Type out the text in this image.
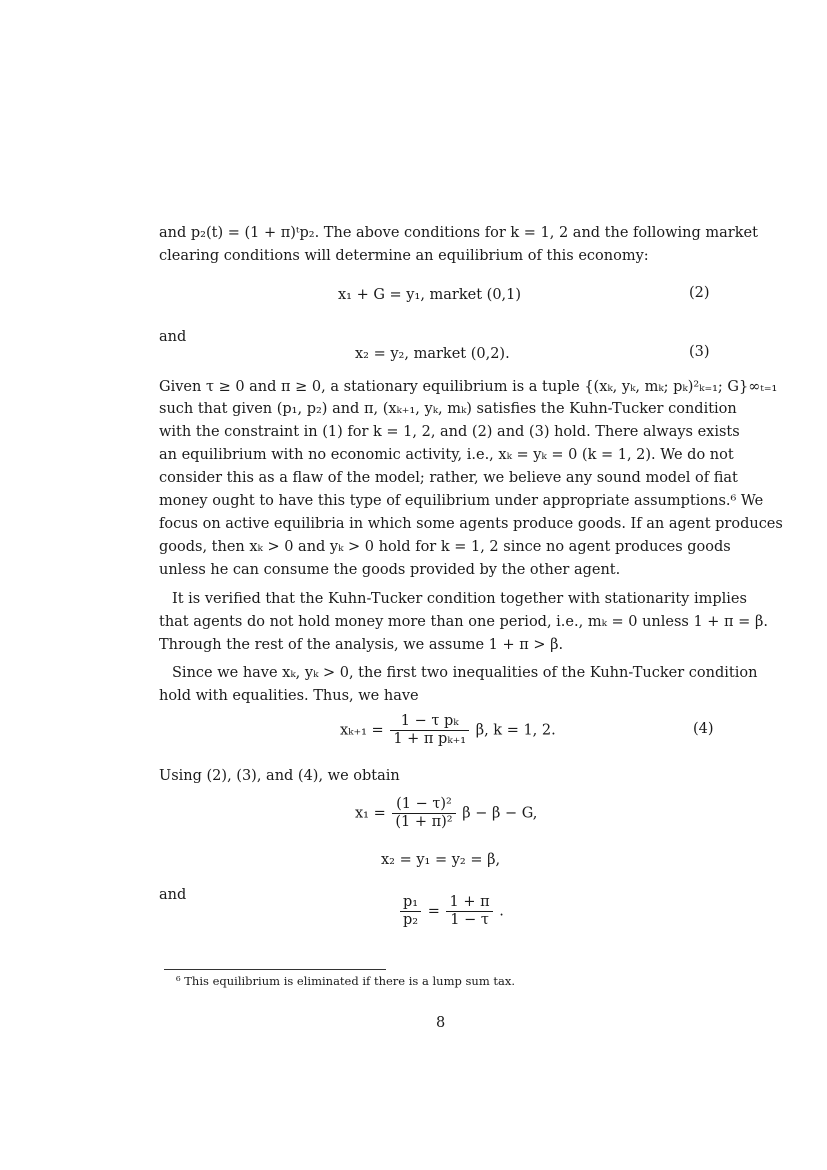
and p₂(t) = (1 + π)ᵗp₂. The above conditions for k = 1, 2 and the following market
clearing conditions will determine an equilibrium of this economy:
x₁ + G = y₁, market (0,1)	(2)
and
x₂ = y₂, market (0,2).	(3)
Given τ ≥ 0 and π ≥ 0, a stationary equilibrium is a tuple {(xₖ, yₖ, mₖ; pₖ)²ₖ₌₁; G}∞ₜ₌₁
such that given (p₁, p₂) and π, (xₖ₊₁, yₖ, mₖ) satisfies the Kuhn-Tucker condition
with the constraint in (1) for k = 1, 2, and (2) and (3) hold. There always exists
an equilibrium with no economic activity, i.e., xₖ = yₖ = 0 (k = 1, 2). We do not
consider this as a flaw of the model; rather, we believe any sound model of fiat
money ought to have this type of equilibrium under appropriate assumptions.⁶ We
focus on active equilibria in which some agents produce goods. If an agent produces
goods, then xₖ > 0 and yₖ > 0 hold for k = 1, 2 since no agent produces goods
unless he can consume the goods provided by the other agent.
It is verified that the Kuhn-Tucker condition together with stationarity implies
that agents do not hold money more than one period, i.e., mₖ = 0 unless 1 + π = β.
Through the rest of the analysis, we assume 1 + π > β.
Since we have xₖ, yₖ > 0, the first two inequalities of the Kuhn-Tucker condition
hold with equalities. Thus, we have
$x_{k+1} = \frac{\text{1 − τ pₖ}}{\text{1 + π pₖ₊₁}} \beta$, k = 1, 2.	(4)
Using (2), (3), and (4), we obtain
$x_1 = \frac{\text{(1 − τ)²}}{\text{(1 + π)²}}$ β − β − G,
x₂ = y₁ = y₂ = β,
and	$\frac{\text{p₁}}{\text{p₂}} = \frac{1 + \pi}{1 - \tau}$ .
⁶ This equilibrium is eliminated if there is a lump sum tax.
8
